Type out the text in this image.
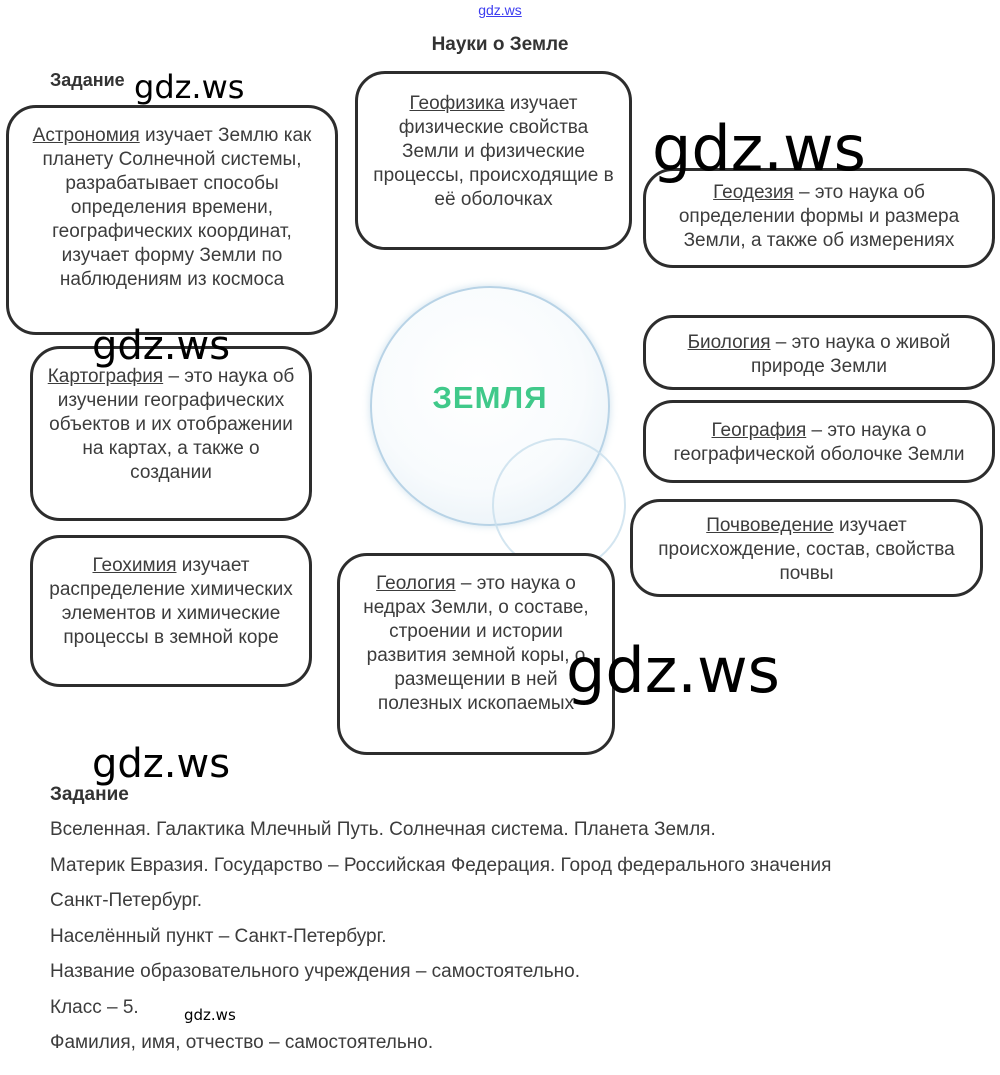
gdz.ws
Науки о Земле
Задание
Астрономия изучает Землю как планету Солнечной системы, разрабатывает способы определения времени, географических координат, изучает форму Земли по наблюдениям из космоса
Геофизика изучает физические свойства Земли и физические процессы, происходящие в её оболочках	Геодезия – это наука об определении формы и размера Земли, а также об измерениях
Картография – это наука об изучении географических объектов и их отображении на картах, а также о создании
ЗЕМЛЯ
Биология – это наука о живой природе Земли
География – это наука о географической оболочке Земли
Почвоведение изучает происхождение, состав, свойства почвы
Геохимия изучает распределение химических элементов и химические процессы в земной коре
Геология – это наука о недрах Земли, о составе, строении и истории развития земной коры, о размещении в ней полезных ископаемых
gdz.ws
gdz.ws
gdz.ws
gdz.ws
gdz.ws
gdz.ws
Задание
Вселенная. Галактика Млечный Путь. Солнечная система. Планета Земля.
Материк Евразия. Государство – Российская Федерация. Город федерального значения
Санкт-Петербург.
Населённый пункт – Санкт-Петербург.
Название образовательного учреждения – самостоятельно.
Класс – 5.
Фамилия, имя, отчество – самостоятельно.
